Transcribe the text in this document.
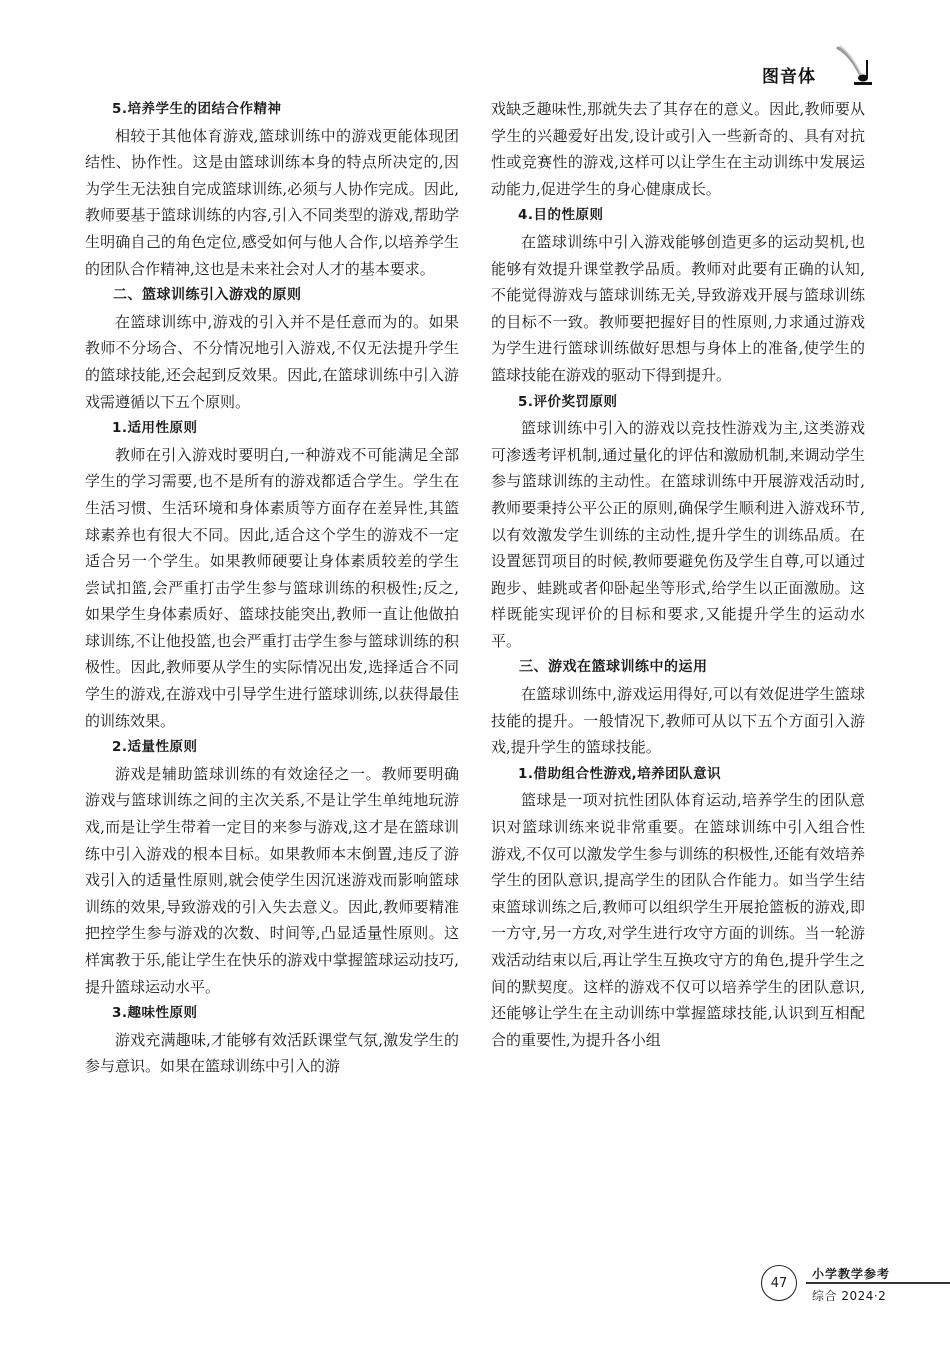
图音体

5.培养学生的团结合作精神

相较于其他体育游戏,篮球训练中的游戏更能体现团结性、协作性。这是由篮球训练本身的特点所决定的,因为学生无法独自完成篮球训练,必须与人协作完成。因此,教师要基于篮球训练的内容,引入不同类型的游戏,帮助学生明确自己的角色定位,感受如何与他人合作,以培养学生的团队合作精神,这也是未来社会对人才的基本要求。

二、篮球训练引入游戏的原则

在篮球训练中,游戏的引入并不是任意而为的。如果教师不分场合、不分情况地引入游戏,不仅无法提升学生的篮球技能,还会起到反效果。因此,在篮球训练中引入游戏需遵循以下五个原则。

1.适用性原则

教师在引入游戏时要明白,一种游戏不可能满足全部学生的学习需要,也不是所有的游戏都适合学生。学生在生活习惯、生活环境和身体素质等方面存在差异性,其篮球素养也有很大不同。因此,适合这个学生的游戏不一定适合另一个学生。如果教师硬要让身体素质较差的学生尝试扣篮,会严重打击学生参与篮球训练的积极性;反之,如果学生身体素质好、篮球技能突出,教师一直让他做拍球训练,不让他投篮,也会严重打击学生参与篮球训练的积极性。因此,教师要从学生的实际情况出发,选择适合不同学生的游戏,在游戏中引导学生进行篮球训练,以获得最佳的训练效果。

2.适量性原则

游戏是辅助篮球训练的有效途径之一。教师要明确游戏与篮球训练之间的主次关系,不是让学生单纯地玩游戏,而是让学生带着一定目的来参与游戏,这才是在篮球训练中引入游戏的根本目标。如果教师本末倒置,违反了游戏引入的适量性原则,就会使学生因沉迷游戏而影响篮球训练的效果,导致游戏的引入失去意义。因此,教师要精准把控学生参与游戏的次数、时间等,凸显适量性原则。这样寓教于乐,能让学生在快乐的游戏中掌握篮球运动技巧,提升篮球运动水平。

3.趣味性原则

游戏充满趣味,才能够有效活跃课堂气氛,激发学生的参与意识。如果在篮球训练中引入的游

戏缺乏趣味性,那就失去了其存在的意义。因此,教师要从学生的兴趣爱好出发,设计或引入一些新奇的、具有对抗性或竞赛性的游戏,这样可以让学生在主动训练中发展运动能力,促进学生的身心健康成长。

4.目的性原则

在篮球训练中引入游戏能够创造更多的运动契机,也能够有效提升课堂教学品质。教师对此要有正确的认知,不能觉得游戏与篮球训练无关,导致游戏开展与篮球训练的目标不一致。教师要把握好目的性原则,力求通过游戏为学生进行篮球训练做好思想与身体上的准备,使学生的篮球技能在游戏的驱动下得到提升。

5.评价奖罚原则

篮球训练中引入的游戏以竞技性游戏为主,这类游戏可渗透考评机制,通过量化的评估和激励机制,来调动学生参与篮球训练的主动性。在篮球训练中开展游戏活动时,教师要秉持公平公正的原则,确保学生顺利进入游戏环节,以有效激发学生训练的主动性,提升学生的训练品质。在设置惩罚项目的时候,教师要避免伤及学生自尊,可以通过跑步、蛙跳或者仰卧起坐等形式,给学生以正面激励。这样既能实现评价的目标和要求,又能提升学生的运动水平。

三、游戏在篮球训练中的运用

在篮球训练中,游戏运用得好,可以有效促进学生篮球技能的提升。一般情况下,教师可从以下五个方面引入游戏,提升学生的篮球技能。

1.借助组合性游戏,培养团队意识

篮球是一项对抗性团队体育运动,培养学生的团队意识对篮球训练来说非常重要。在篮球训练中引入组合性游戏,不仅可以激发学生参与训练的积极性,还能有效培养学生的团队意识,提高学生的团队合作能力。如当学生结束篮球训练之后,教师可以组织学生开展抢篮板的游戏,即一方守,另一方攻,对学生进行攻守方面的训练。当一轮游戏活动结束以后,再让学生互换攻守方的角色,提升学生之间的默契度。这样的游戏不仅可以培养学生的团队意识,还能够让学生在主动训练中掌握篮球技能,认识到互相配合的重要性,为提升各小组

47
小学教学参考
综合 2024·2
